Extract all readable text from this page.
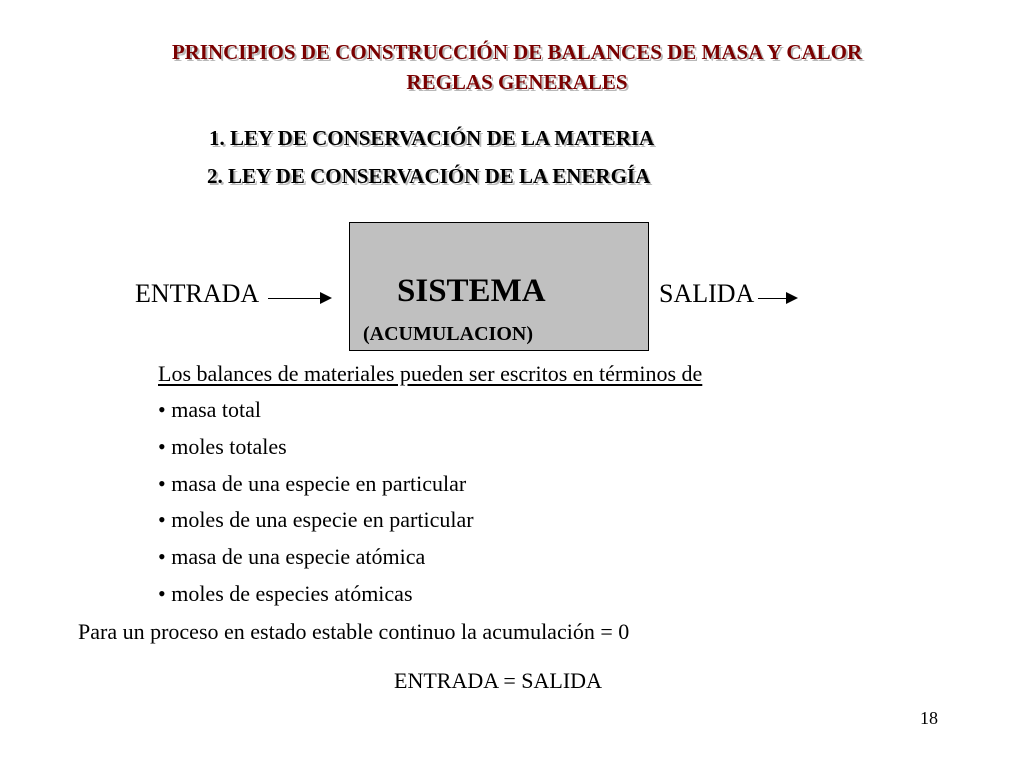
PRINCIPIOS DE CONSTRUCCIÓN DE BALANCES DE MASA Y CALOR
REGLAS GENERALES
1. LEY DE CONSERVACIÓN DE LA MATERIA
2. LEY DE CONSERVACIÓN DE LA ENERGÍA
SISTEMA
(ACUMULACION)
ENTRADA	SALIDA
Los balances de materiales pueden ser escritos en términos de
• masa total
• moles totales
• masa de una especie en particular
• moles de una especie en particular
• masa de una especie atómica
• moles de especies atómicas
Para un proceso en estado estable continuo la acumulación = 0
ENTRADA = SALIDA
18
